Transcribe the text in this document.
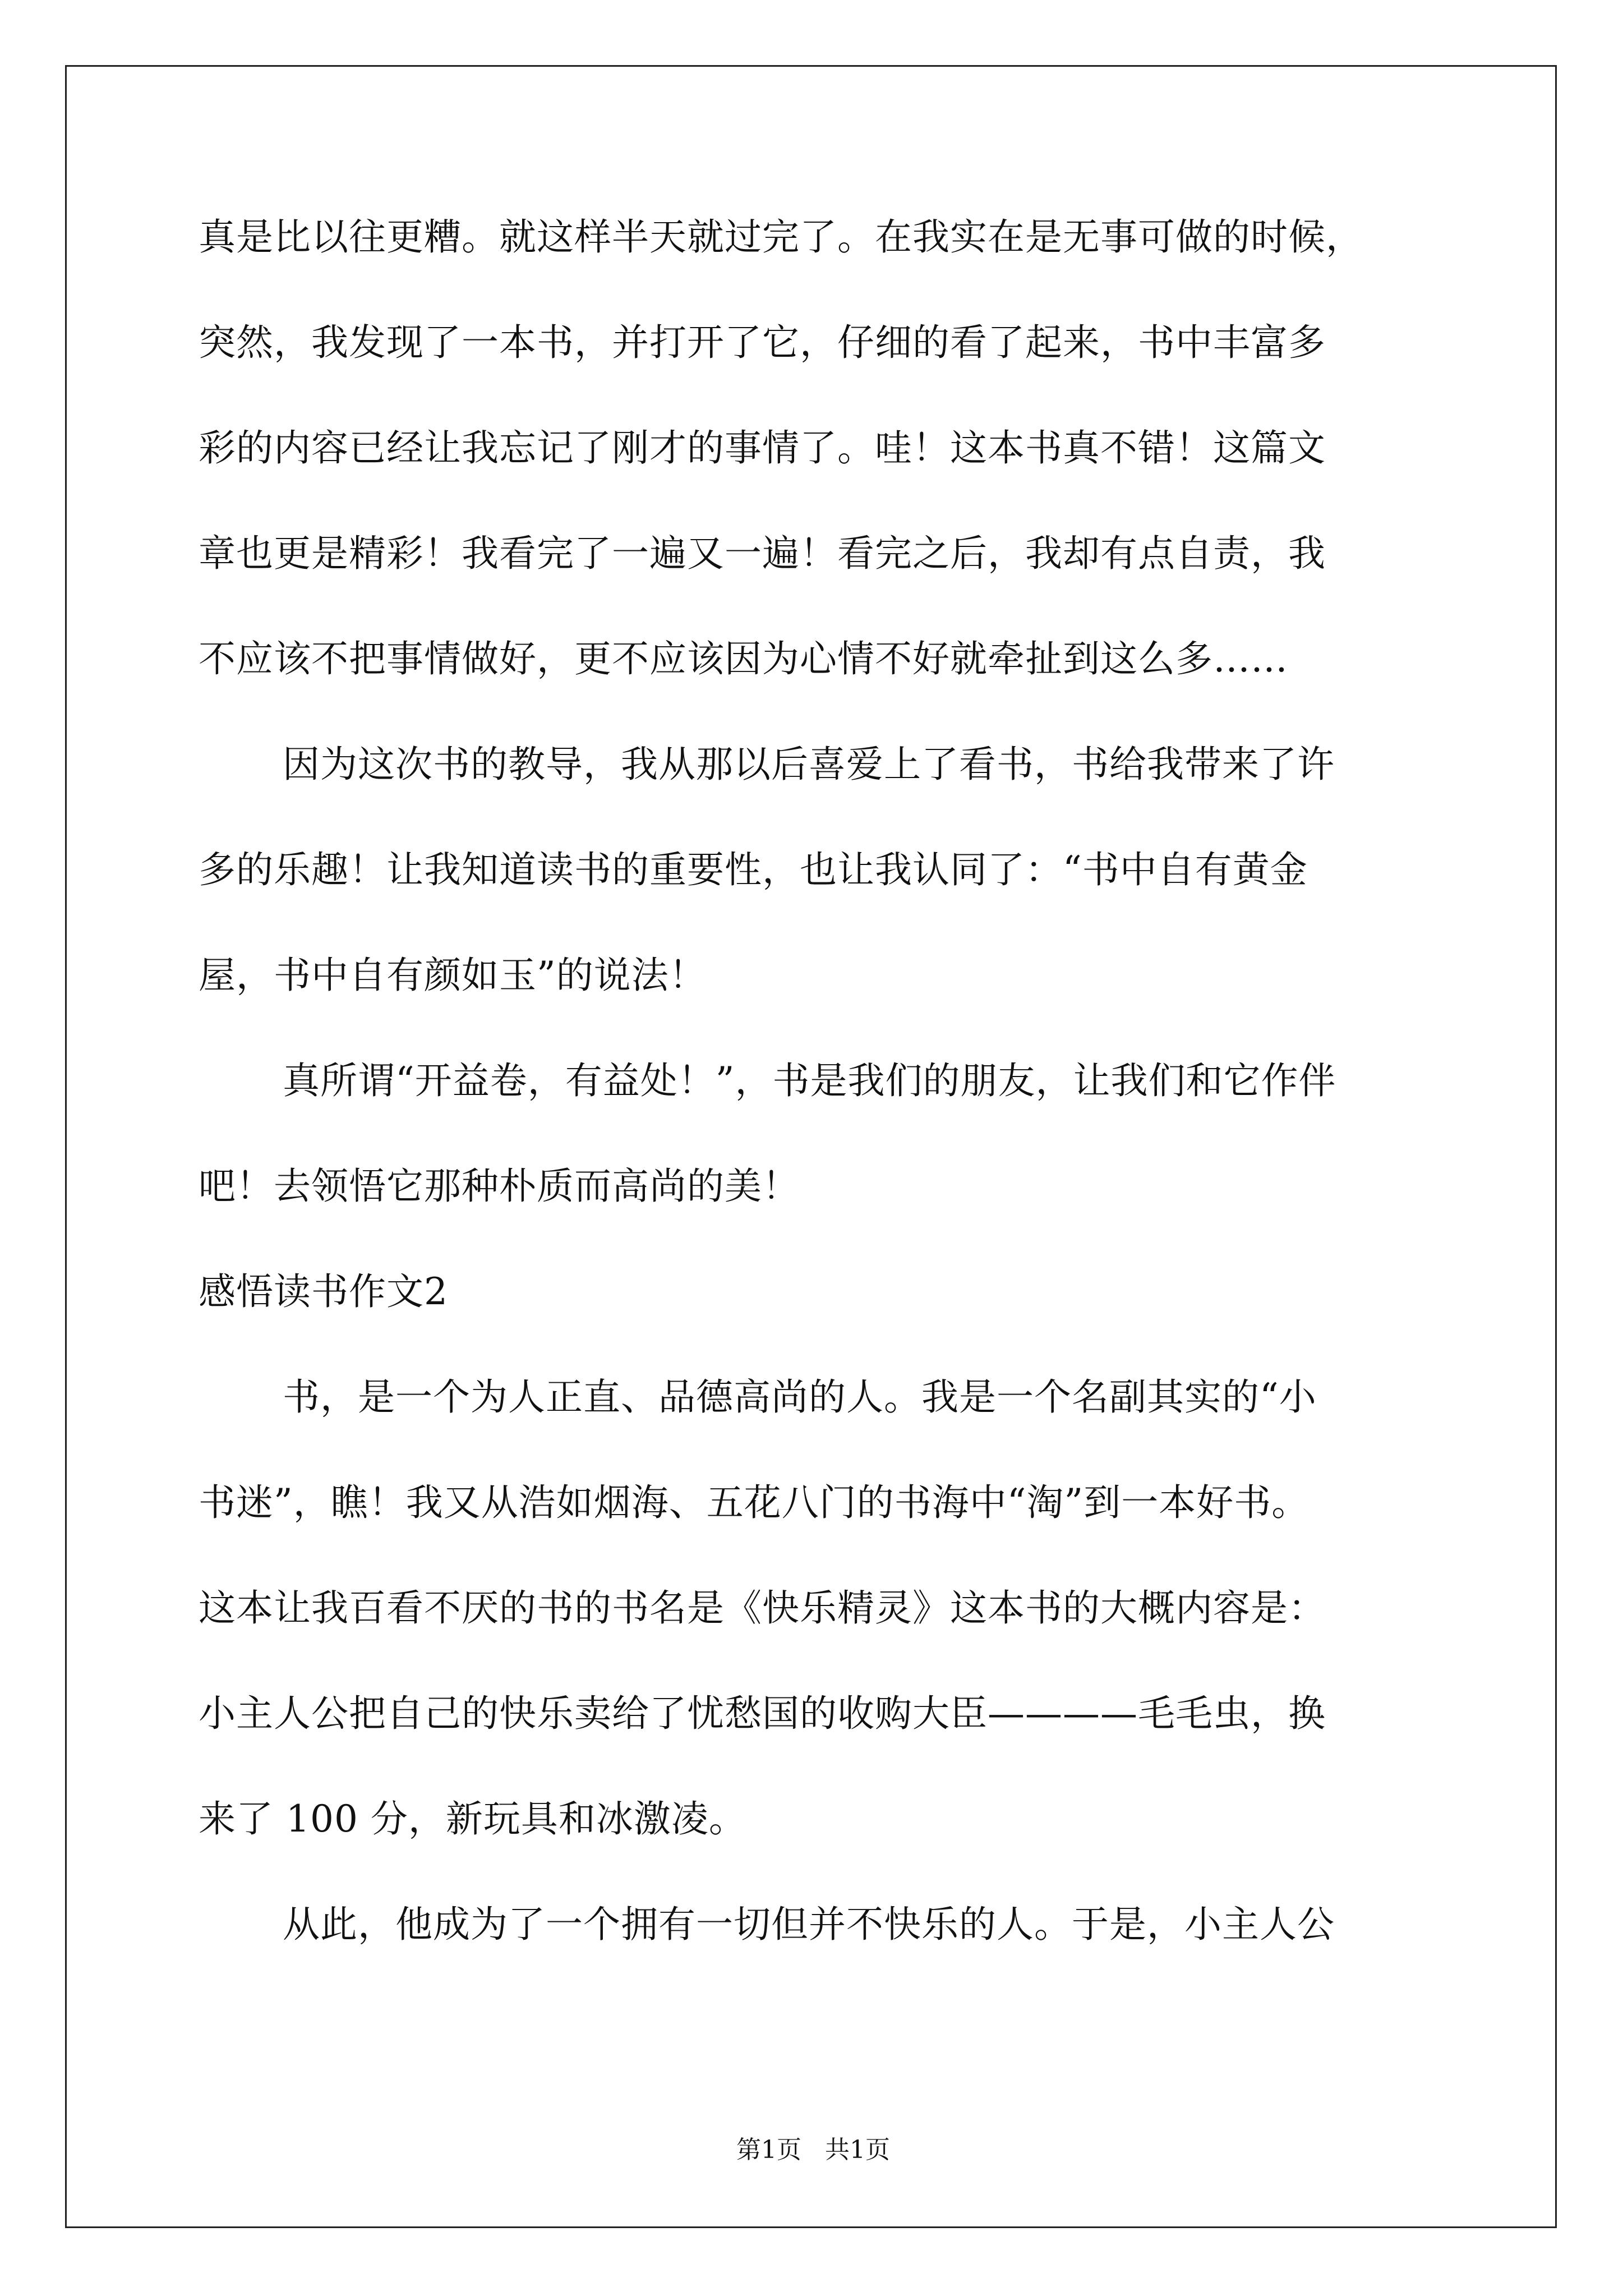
真是比以往更糟。就这样半天就过完了。在我实在是无事可做的时候，
突然，我发现了一本书，并打开了它，仔细的看了起来，书中丰富多
彩的内容已经让我忘记了刚才的事情了。哇！这本书真不错！这篇文
章也更是精彩！我看完了一遍又一遍！看完之后，我却有点自责，我
不应该不把事情做好，更不应该因为心情不好就牵扯到这么多……
因为这次书的教导，我从那以后喜爱上了看书，书给我带来了许
多的乐趣！让我知道读书的重要性，也让我认同了：“书中自有黄金
屋，书中自有颜如玉”的说法！
真所谓“开益卷，有益处！”，书是我们的朋友，让我们和它作伴
吧！去领悟它那种朴质而高尚的美！
感悟读书作文2
书，是一个为人正直、品德高尚的人。我是一个名副其实的“小
书迷”，瞧！我又从浩如烟海、五花八门的书海中“淘”到一本好书。
这本让我百看不厌的书的书名是《快乐精灵》这本书的大概内容是：
小主人公把自己的快乐卖给了忧愁国的收购大臣————毛毛虫，换
来了 100 分，新玩具和冰激凌。
从此，他成为了一个拥有一切但并不快乐的人。于是，小主人公
第1页   共1页
